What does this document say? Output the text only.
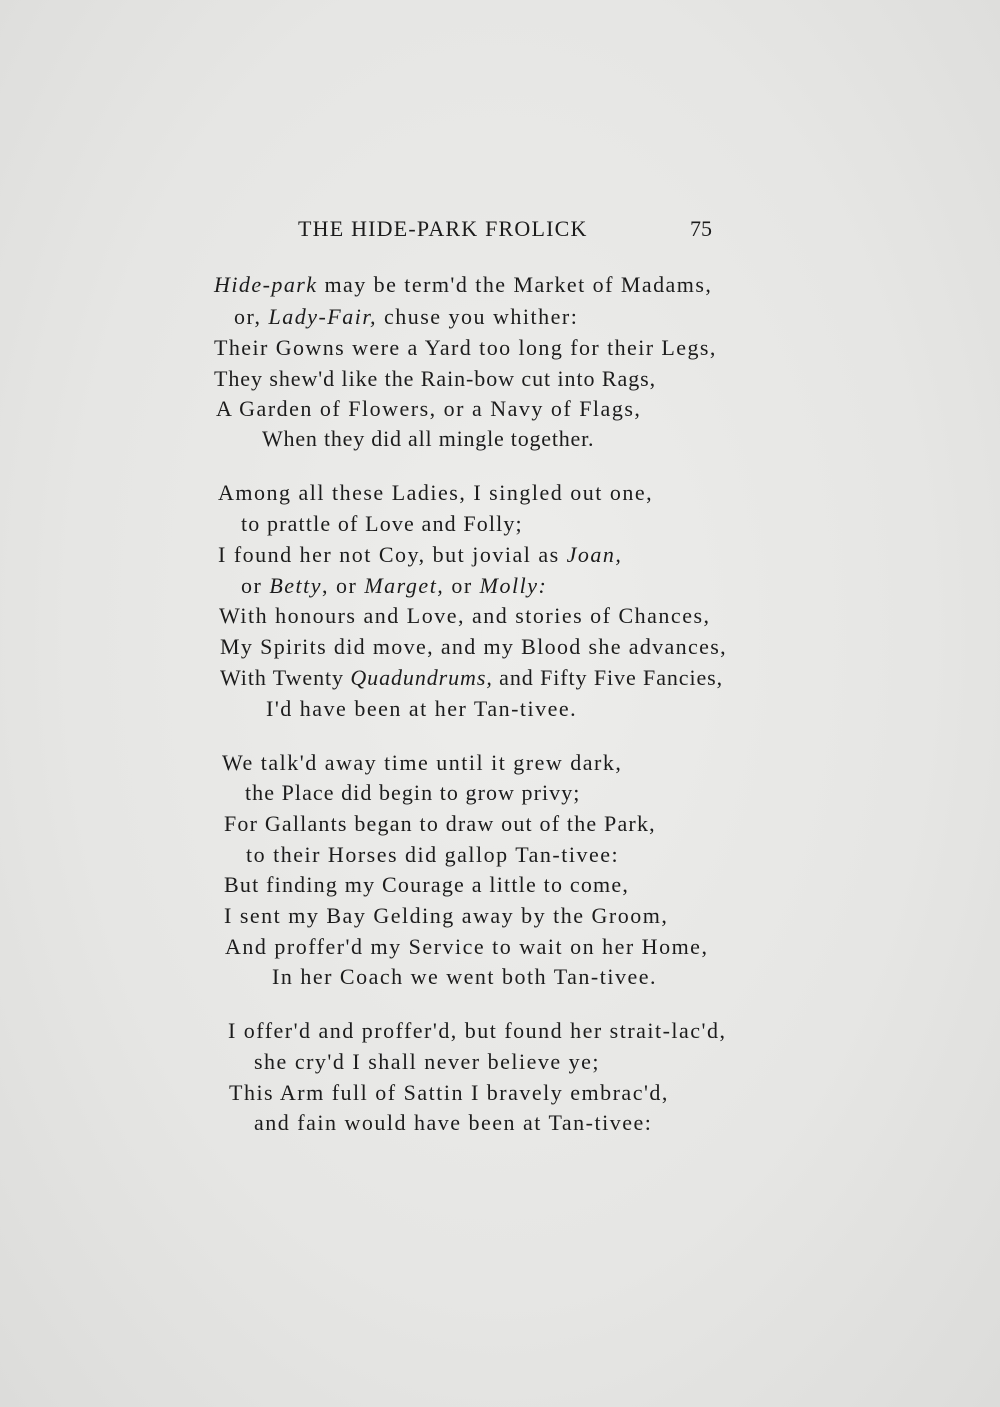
THE HIDE-PARK FROLICK	75
Hide-park may be term'd the Market of Madams,
or, Lady-Fair, chuse you whither:
Their Gowns were a Yard too long for their Legs,
They shew'd like the Rain-bow cut into Rags,
A Garden of Flowers, or a Navy of Flags,
When they did all mingle together.
Among all these Ladies, I singled out one,
to prattle of Love and Folly;
I found her not Coy, but jovial as Joan,
or Betty, or Marget, or Molly:
With honours and Love, and stories of Chances,
My Spirits did move, and my Blood she advances,
With Twenty Quadundrums, and Fifty Five Fancies,
I'd have been at her Tan-tivee.
We talk'd away time until it grew dark,
the Place did begin to grow privy;
For Gallants began to draw out of the Park,
to their Horses did gallop Tan-tivee:
But finding my Courage a little to come,
I sent my Bay Gelding away by the Groom,
And proffer'd my Service to wait on her Home,
In her Coach we went both Tan-tivee.
I offer'd and proffer'd, but found her strait-lac'd,
she cry'd I shall never believe ye;
This Arm full of Sattin I bravely embrac'd,
and fain would have been at Tan-tivee:
